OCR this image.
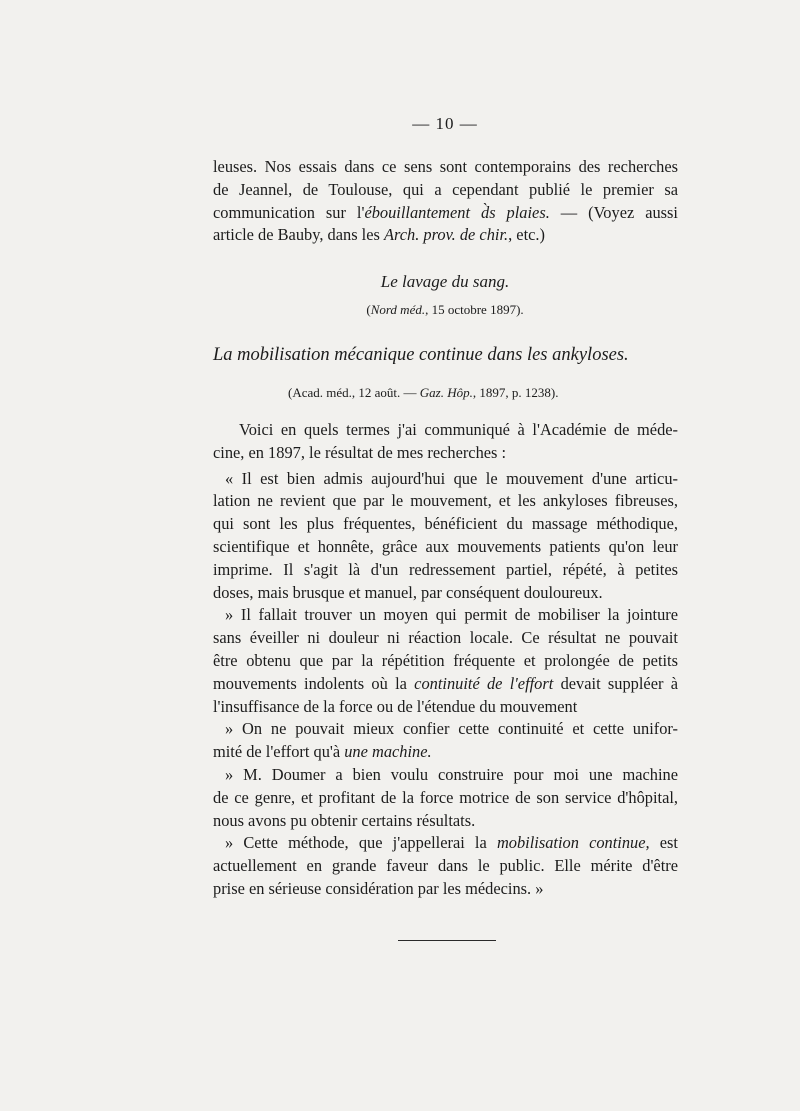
— 10 —
leuses. Nos essais dans ce sens sont contemporains des recherches
de Jeannel, de Toulouse, qui a cependant publié le premier sa
communication sur l'ébouillantement d̀s plaies. — (Voyez aussi
article de Bauby, dans les Arch. prov. de chir., etc.)
Le lavage du sang.
(Nord méd., 15 octobre 1897).
La mobilisation mécanique continue dans les ankyloses.
(Acad. méd., 12 août. — Gaz. Hôp., 1897, p. 1238).
Voici en quels termes j'ai communiqué à l'Académie de méde-
cine, en 1897, le résultat de mes recherches :
« Il est bien admis aujourd'hui que le mouvement d'une articu-
lation ne revient que par le mouvement, et les ankyloses fibreuses,
qui sont les plus fréquentes, bénéficient du massage méthodique,
scientifique et honnête, grâce aux mouvements patients qu'on leur
imprime. Il s'agit là d'un redressement partiel, répété, à petites
doses, mais brusque et manuel, par conséquent douloureux.
» Il fallait trouver un moyen qui permit de mobiliser la jointure
sans éveiller ni douleur ni réaction locale. Ce résultat ne pouvait
être obtenu que par la répétition fréquente et prolongée de petits
mouvements indolents où la continuité de l'effort devait suppléer à
l'insuffisance de la force ou de l'étendue du mouvement
» On ne pouvait mieux confier cette continuité et cette unifor-
mité de l'effort qu'à une machine.
» M. Doumer a bien voulu construire pour moi une machine
de ce genre, et profitant de la force motrice de son service d'hôpital,
nous avons pu obtenir certains résultats.
» Cette méthode, que j'appellerai la mobilisation continue, est
actuellement en grande faveur dans le public. Elle mérite d'être
prise en sérieuse considération par les médecins. »
